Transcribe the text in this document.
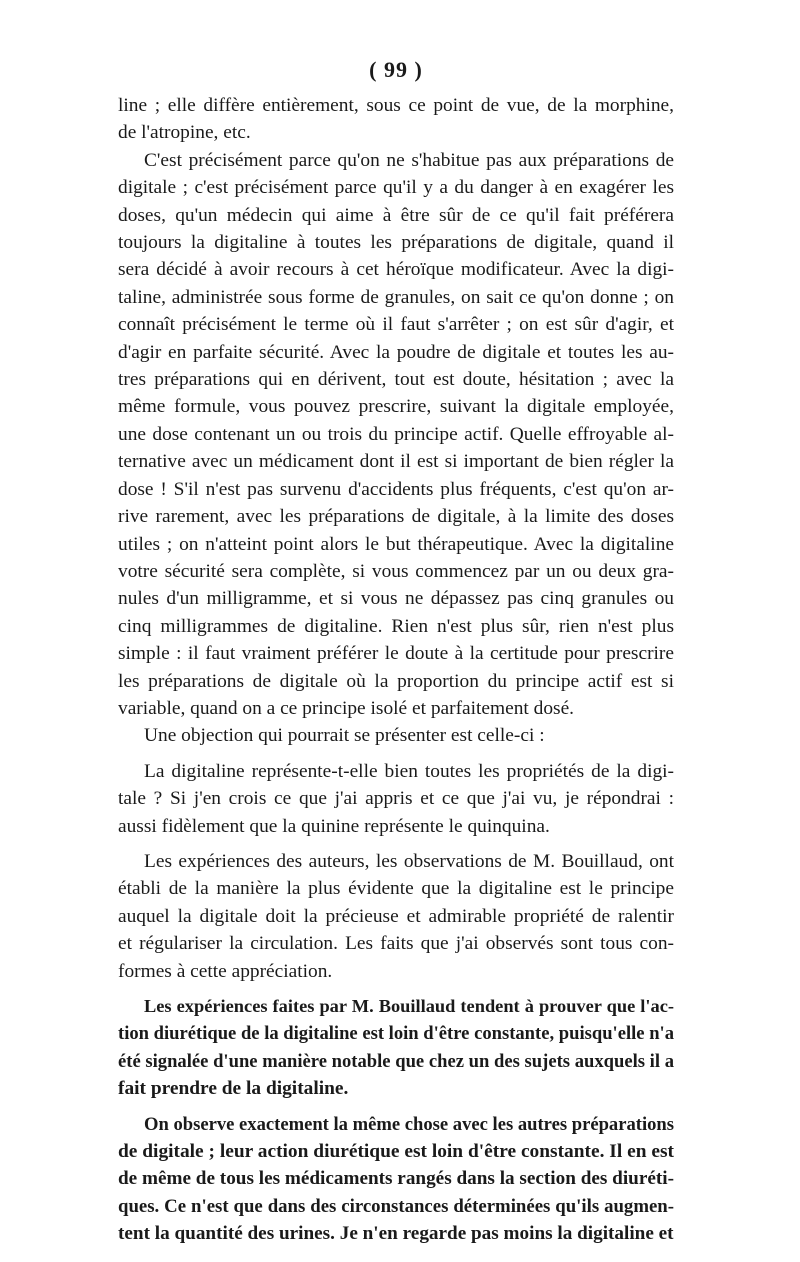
( 99 )
line ; elle diffère entièrement, sous ce point de vue, de la morphine,
de l'atropine, etc.
C'est précisément parce qu'on ne s'habitue pas aux préparations de
digitale ; c'est précisément parce qu'il y a du danger à en exagérer les
doses, qu'un médecin qui aime à être sûr de ce qu'il fait préférera
toujours la digitaline à toutes les préparations de digitale, quand il
sera décidé à avoir recours à cet héroïque modificateur. Avec la digi-
taline, administrée sous forme de granules, on sait ce qu'on donne ; on
connaît précisément le terme où il faut s'arrêter ; on est sûr d'agir, et
d'agir en parfaite sécurité. Avec la poudre de digitale et toutes les au-
tres préparations qui en dérivent, tout est doute, hésitation ; avec la
même formule, vous pouvez prescrire, suivant la digitale employée,
une dose contenant un ou trois du principe actif. Quelle effroyable al-
ternative avec un médicament dont il est si important de bien régler la
dose ! S'il n'est pas survenu d'accidents plus fréquents, c'est qu'on ar-
rive rarement, avec les préparations de digitale, à la limite des doses
utiles ; on n'atteint point alors le but thérapeutique. Avec la digitaline
votre sécurité sera complète, si vous commencez par un ou deux gra-
nules d'un milligramme, et si vous ne dépassez pas cinq granules ou
cinq milligrammes de digitaline. Rien n'est plus sûr, rien n'est plus
simple : il faut vraiment préférer le doute à la certitude pour prescrire
les préparations de digitale où la proportion du principe actif est si
variable, quand on a ce principe isolé et parfaitement dosé.
Une objection qui pourrait se présenter est celle-ci :
La digitaline représente-t-elle bien toutes les propriétés de la digi-
tale ? Si j'en crois ce que j'ai appris et ce que j'ai vu, je répondrai :
aussi fidèlement que la quinine représente le quinquina.
Les expériences des auteurs, les observations de M. Bouillaud, ont
établi de la manière la plus évidente que la digitaline est le principe
auquel la digitale doit la précieuse et admirable propriété de ralentir
et régulariser la circulation. Les faits que j'ai observés sont tous con-
formes à cette appréciation.
Les expériences faites par M. Bouillaud tendent à prouver que l'ac-
tion diurétique de la digitaline est loin d'être constante, puisqu'elle n'a
été signalée d'une manière notable que chez un des sujets auxquels il a
fait prendre de la digitaline.
On observe exactement la même chose avec les autres préparations
de digitale ; leur action diurétique est loin d'être constante. Il en est
de même de tous les médicaments rangés dans la section des diuréti-
ques. Ce n'est que dans des circonstances déterminées qu'ils augmen-
tent la quantité des urines. Je n'en regarde pas moins la digitaline et
